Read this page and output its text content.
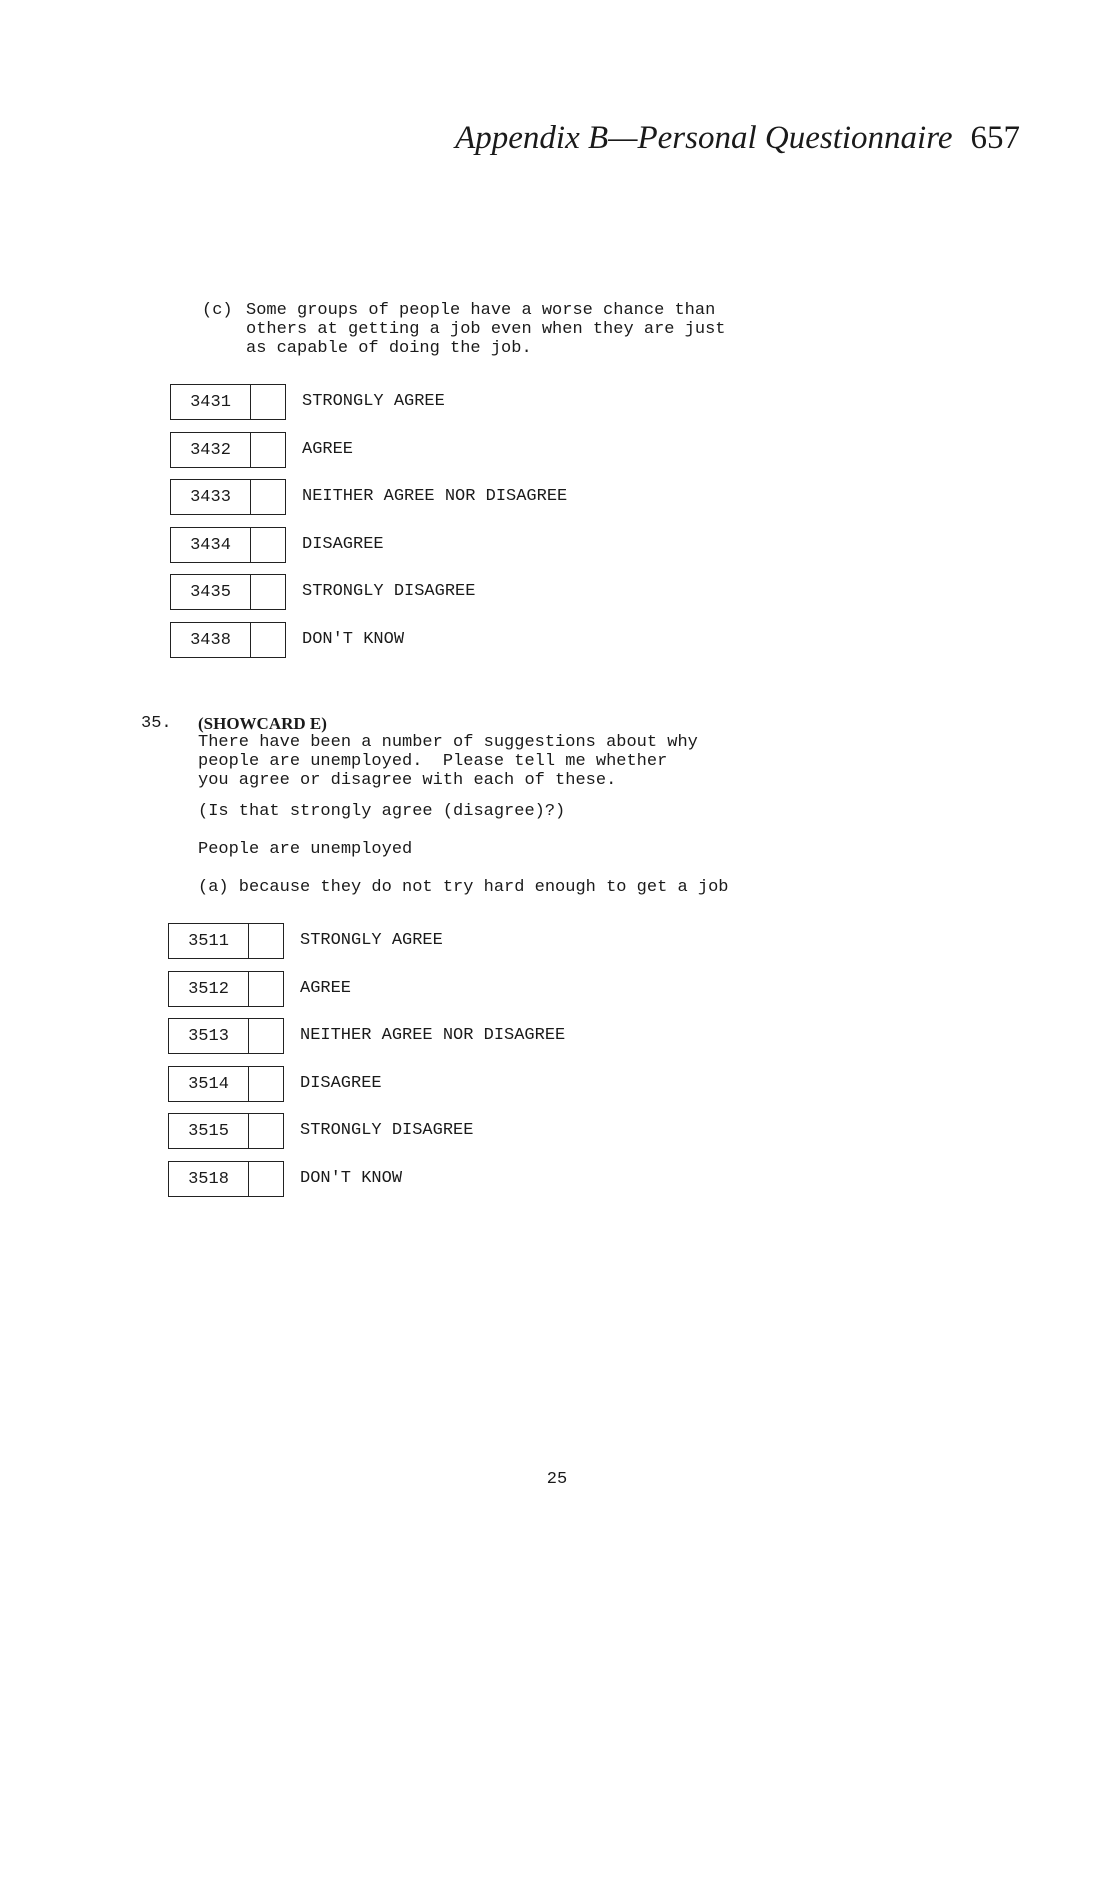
Appendix B—Personal Questionnaire 657
(c) Some groups of people have a worse chance than
others at getting a job even when they are just
as capable of doing the job.
3431	STRONGLY AGREE
3432	AGREE
3433	NEITHER AGREE NOR DISAGREE
3434	DISAGREE
3435	STRONGLY DISAGREE
3438	DON'T KNOW
35. (SHOWCARD E)
There have been a number of suggestions about why
people are unemployed.  Please tell me whether
you agree or disagree with each of these.
(Is that strongly agree (disagree)?)
People are unemployed
(a) because they do not try hard enough to get a job
3511	STRONGLY AGREE
3512	AGREE
3513	NEITHER AGREE NOR DISAGREE
3514	DISAGREE
3515	STRONGLY DISAGREE
3518	DON'T KNOW
25
